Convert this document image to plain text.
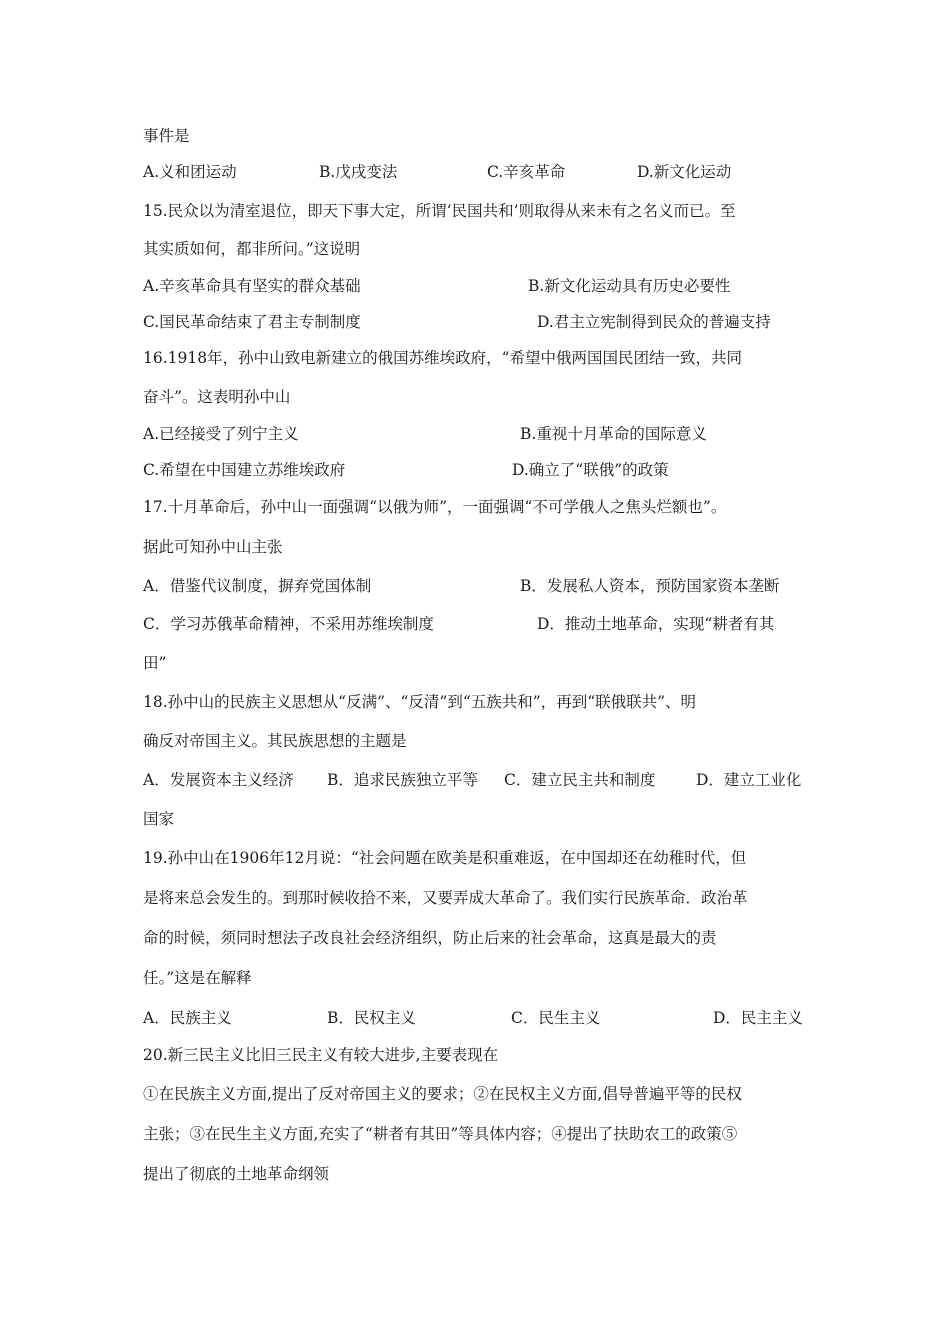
事件是
A.义和团运动	B.戊戌变法	C.辛亥革命	D.新文化运动
15.民众以为清室退位，即天下事大定，所谓‘民国共和’则取得从来未有之名义而已。至
其实质如何，都非所问。”这说明
A.辛亥革命具有坚实的群众基础	B.新文化运动具有历史必要性
C.国民革命结束了君主专制制度	D.君主立宪制得到民众的普遍支持
16.1918年，孙中山致电新建立的俄国苏维埃政府，“希望中俄两国国民团结一致，共同
奋斗”。这表明孙中山
A.已经接受了列宁主义	B.重视十月革命的国际意义
C.希望在中国建立苏维埃政府	D.确立了“联俄”的政策
17.十月革命后，孙中山一面强调“以俄为师”，一面强调“不可学俄人之焦头烂额也”。
据此可知孙中山主张
A．借鉴代议制度，摒弃党国体制	B．发展私人资本，预防国家资本垄断
C．学习苏俄革命精神，不采用苏维埃制度	D．推动土地革命，实现“耕者有其
田”
18.孙中山的民族主义思想从“反满”、“反清”到“五族共和”，再到“联俄联共”、明
确反对帝国主义。其民族思想的主题是
A．发展资本主义经济 B．追求民族独立平等 C．建立民主共和制度	D．建立工业化
国家
19.孙中山在1906年12月说：“社会问题在欧美是积重难返，在中国却还在幼稚时代，但
是将来总会发生的。到那时候收拾不来，又要弄成大革命了。我们实行民族革命．政治革
命的时候，须同时想法子改良社会经济组织，防止后来的社会革命，这真是最大的责
任。”这是在解释
A．民族主义	B．民权主义	C．民生主义	D．民主主义
20.新三民主义比旧三民主义有较大进步,主要表现在
①在民族主义方面,提出了反对帝国主义的要求；②在民权主义方面,倡导普遍平等的民权
主张；③在民生主义方面,充实了“耕者有其田”等具体内容；④提出了扶助农工的政策⑤
提出了彻底的土地革命纲领
